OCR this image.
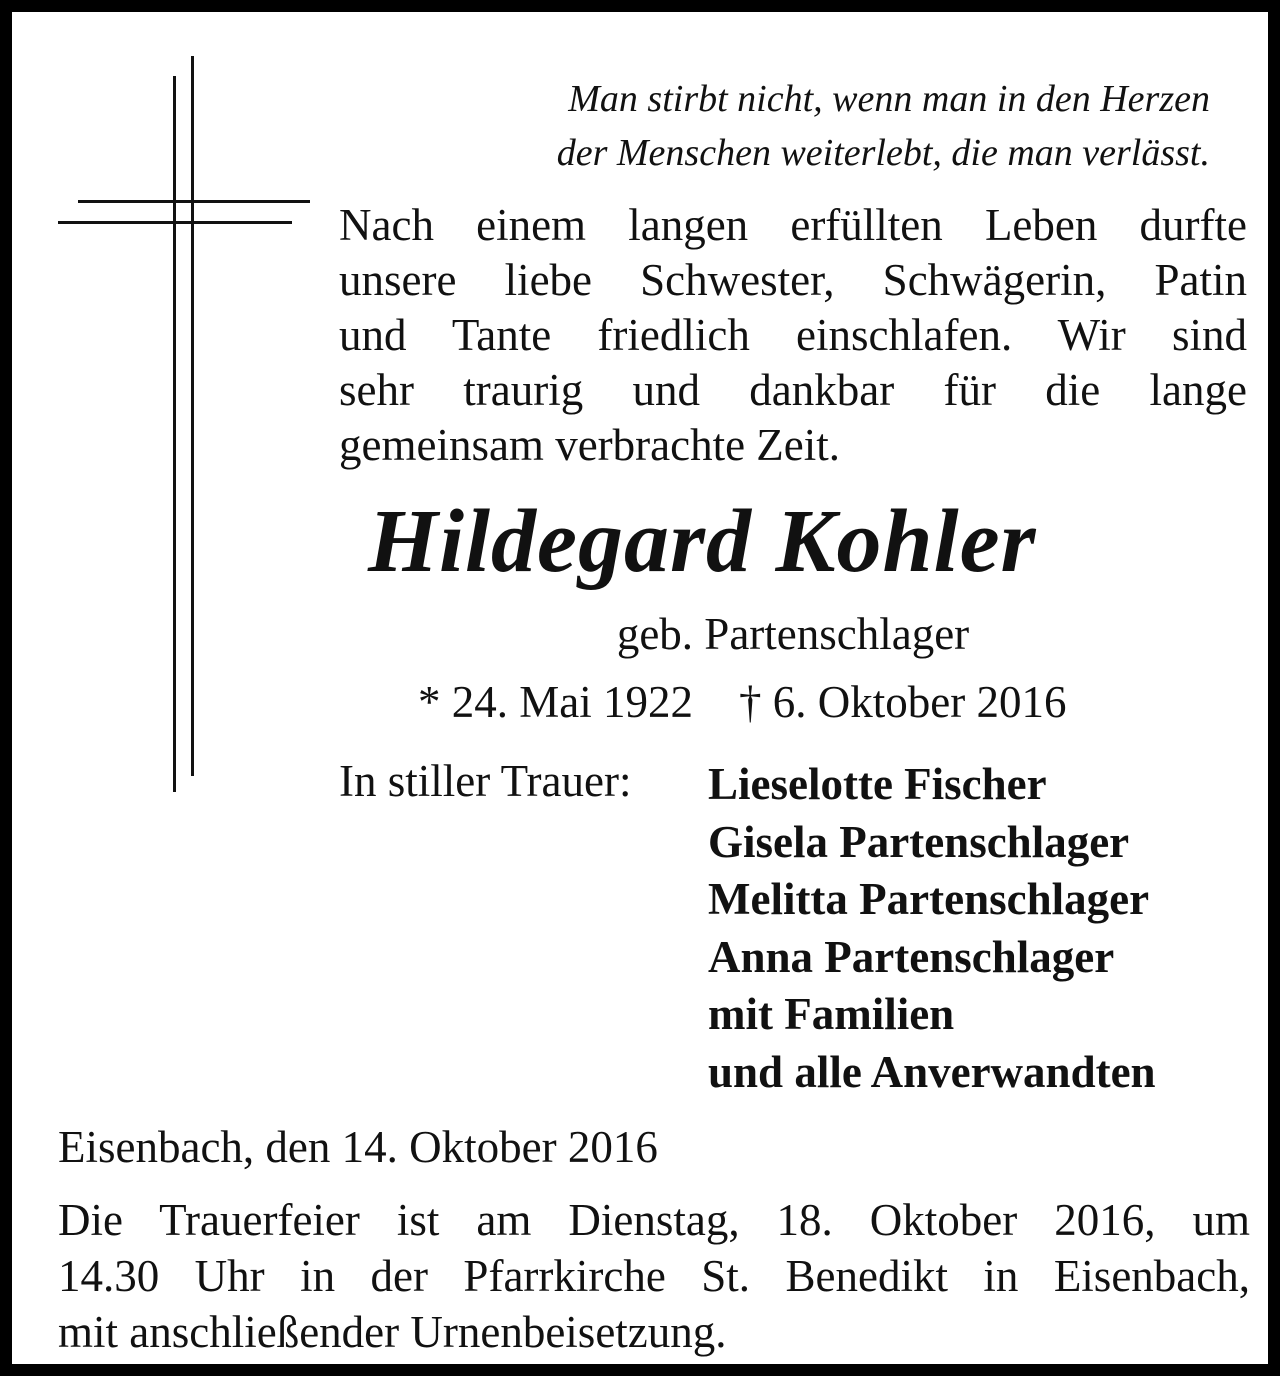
Man stirbt nicht, wenn man in den Herzen
der Menschen weiterlebt, die man verlässt.
Nach einem langen erfüllten Leben durfte
unsere liebe Schwester, Schwägerin, Patin
und Tante friedlich einschlafen. Wir sind
sehr traurig und dankbar für die lange
gemeinsam verbrachte Zeit.
Hildegard Kohler
geb. Partenschlager
* 24. Mai 1922 † 6. Oktober 2016
In stiller Trauer: Lieselotte Fischer
Gisela Partenschlager
Melitta Partenschlager
Anna Partenschlager
mit Familien
und alle Anverwandten
Eisenbach, den 14. Oktober 2016
Die Trauerfeier ist am Dienstag, 18. Oktober 2016, um
14.30 Uhr in der Pfarrkirche St. Benedikt in Eisenbach,
mit anschließender Urnenbeisetzung.
